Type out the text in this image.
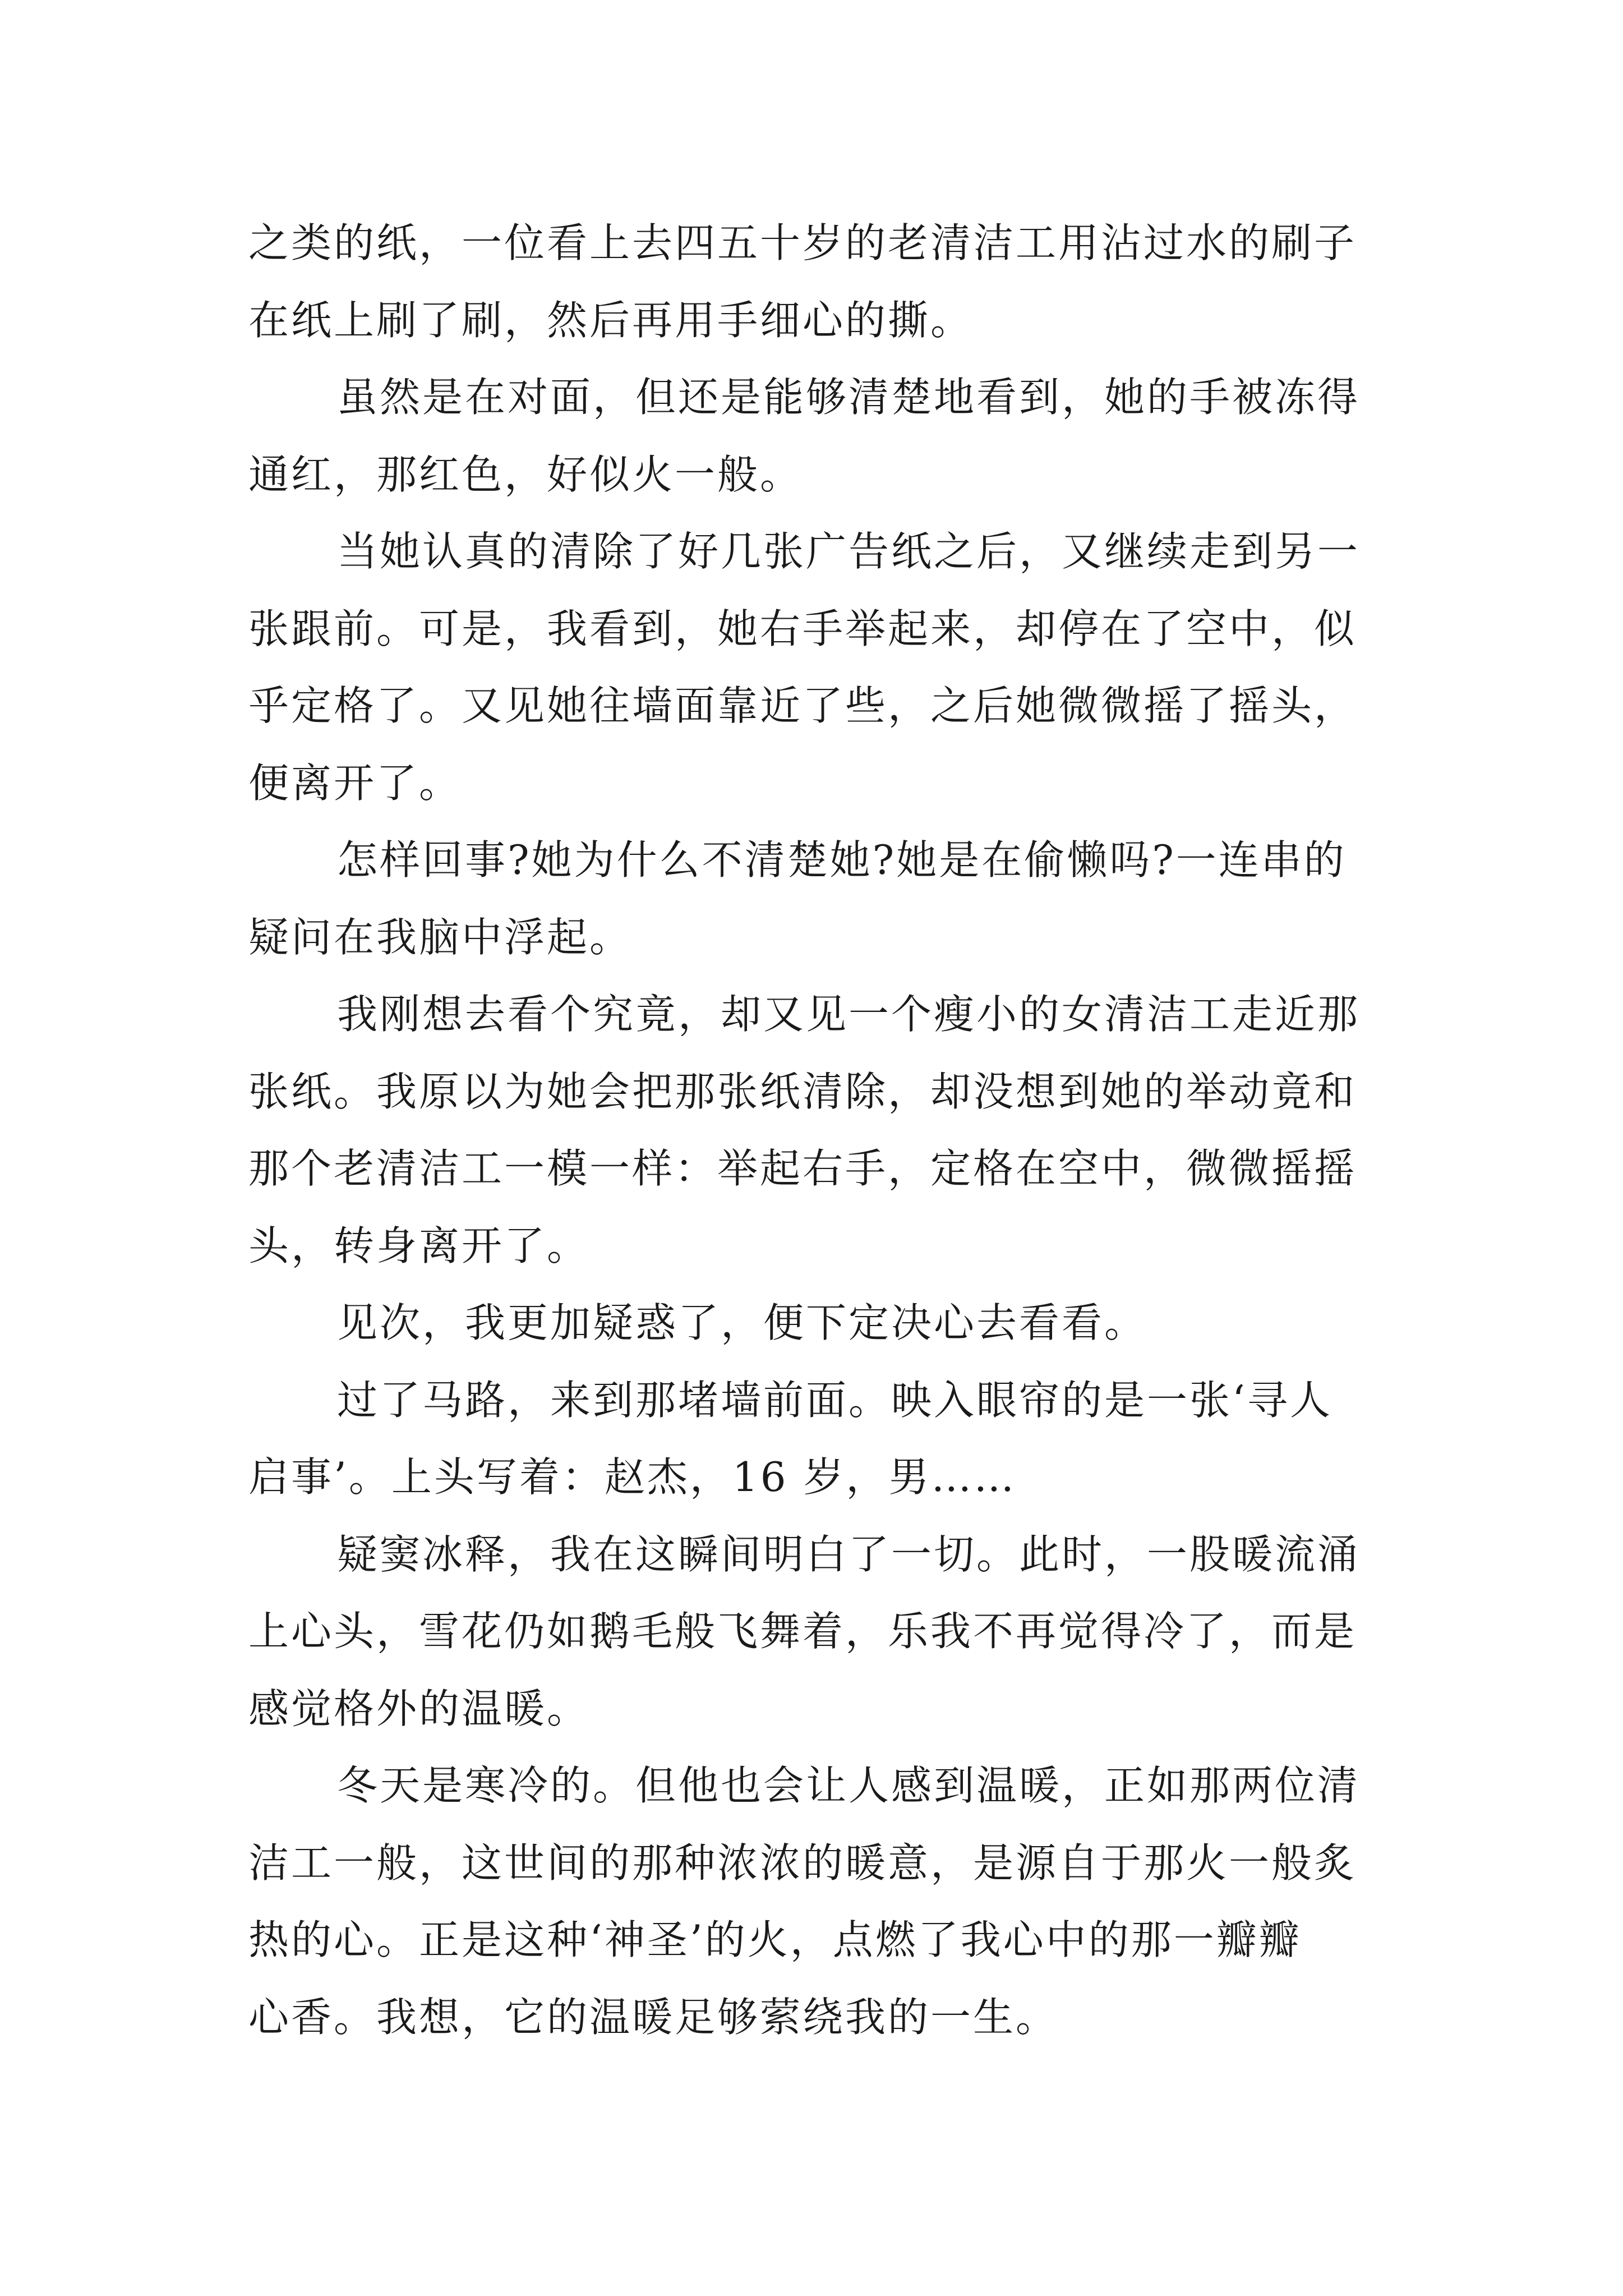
之类的纸，一位看上去四五十岁的老清洁工用沾过水的刷子
在纸上刷了刷，然后再用手细心的撕。

虽然是在对面，但还是能够清楚地看到，她的手被冻得
通红，那红色，好似火一般。

当她认真的清除了好几张广告纸之后，又继续走到另一
张跟前。可是，我看到，她右手举起来，却停在了空中，似
乎定格了。又见她往墙面靠近了些，之后她微微摇了摇头，
便离开了。

怎样回事?她为什么不清楚她?她是在偷懒吗?一连串的
疑问在我脑中浮起。

我刚想去看个究竟，却又见一个瘦小的女清洁工走近那
张纸。我原以为她会把那张纸清除，却没想到她的举动竟和
那个老清洁工一模一样：举起右手，定格在空中，微微摇摇
头，转身离开了。

见次，我更加疑惑了，便下定决心去看看。

过了马路，来到那堵墙前面。映入眼帘的是一张‘寻人
启事’。上头写着：赵杰，16 岁，男……

疑窦冰释，我在这瞬间明白了一切。此时，一股暖流涌
上心头，雪花仍如鹅毛般飞舞着，乐我不再觉得冷了，而是
感觉格外的温暖。

冬天是寒冷的。但他也会让人感到温暖，正如那两位清
洁工一般，这世间的那种浓浓的暖意，是源自于那火一般炙
热的心。正是这种‘神圣’的火，点燃了我心中的那一瓣瓣
心香。我想，它的温暖足够萦绕我的一生。
